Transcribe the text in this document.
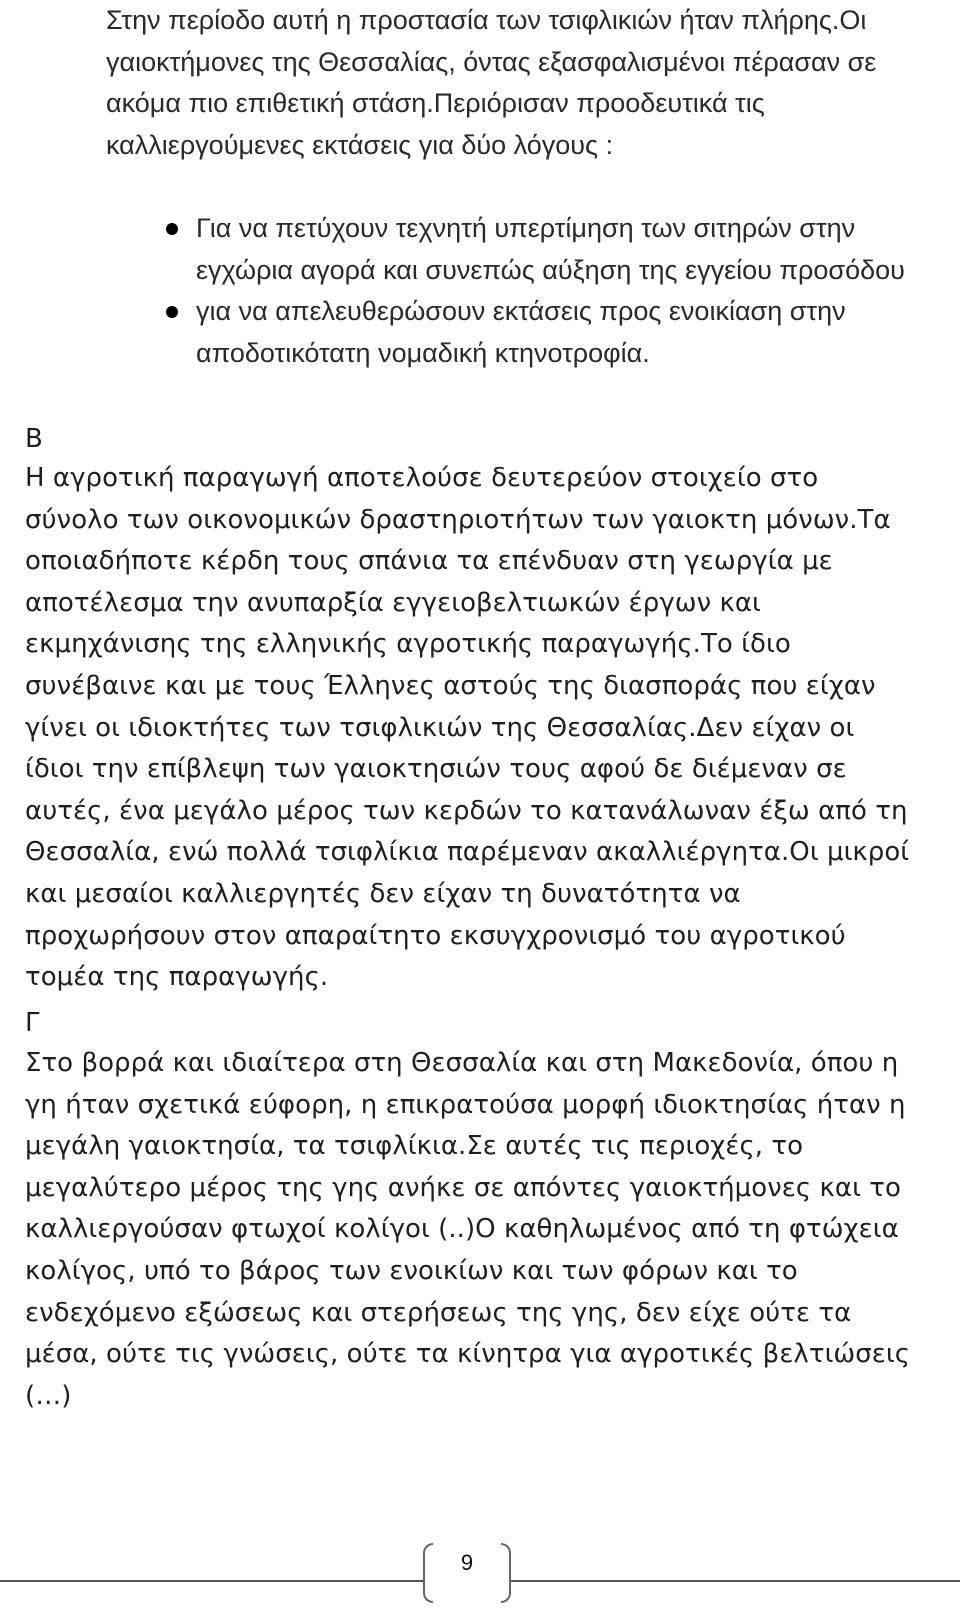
Στην περίοδο αυτή η προστασία των τσιφλικιών ήταν πλήρης.Οι γαιοκτήμονες της Θεσσαλίας, όντας εξασφαλισμένοι πέρασαν σε ακόμα πιο επιθετική στάση.Περιόρισαν προοδευτικά τις καλλιεργούμενες εκτάσεις για δύο λόγους :

Για να πετύχουν τεχνητή υπερτίμηση των σιτηρών στην εγχώρια αγορά και συνεπώς αύξηση της εγγείου προσόδου
για να απελευθερώσουν εκτάσεις προς ενοικίαση στην αποδοτικότατη νομαδική κτηνοτροφία.
Β

Η αγροτική παραγωγή αποτελούσε δευτερεύον στοιχείο στο σύνολο των οικονομικών δραστηριοτήτων των γαιοκτη μόνων.Τα οποιαδήποτε κέρδη τους σπάνια τα επένδυαν στη γεωργία με αποτέλεσμα την ανυπαρξία εγγειοβελτιωκών έργων και εκμηχάνισης της ελληνικής αγροτικής παραγωγής.Το ίδιο συνέβαινε και με τους Έλληνες αστούς της διασποράς που είχαν γίνει οι ιδιοκτήτες των τσιφλικιών της Θεσσαλίας.Δεν είχαν οι ίδιοι την επίβλεψη των γαιοκτησιών τους αφού δε διέμεναν σε αυτές, ένα μεγάλο μέρος των κερδών το κατανάλωναν έξω από τη Θεσσαλία, ενώ πολλά τσιφλίκια παρέμεναν ακαλλιέργητα.Οι μικροί και μεσαίοι καλλιεργητές δεν είχαν τη δυνατότητα να προχωρήσουν στον απαραίτητο εκσυγχρονισμό του αγροτικού τομέα της παραγωγής.

Γ

Στο βορρά και ιδιαίτερα στη Θεσσαλία και στη Μακεδονία, όπου η γη ήταν σχετικά εύφορη, η επικρατούσα μορφή ιδιοκτησίας ήταν η μεγάλη γαιοκτησία, τα τσιφλίκια.Σε αυτές τις περιοχές, το μεγαλύτερο μέρος της γης ανήκε σε απόντες γαιοκτήμονες και το καλλιεργούσαν φτωχοί κολίγοι (..)Ο καθηλωμένος από τη φτώχεια κολίγος, υπό το βάρος των ενοικίων και των φόρων και το ενδεχόμενο εξώσεως και στερήσεως της γης, δεν είχε ούτε τα μέσα, ούτε τις γνώσεις, ούτε τα κίνητρα για αγροτικές βελτιώσεις (…)

9
